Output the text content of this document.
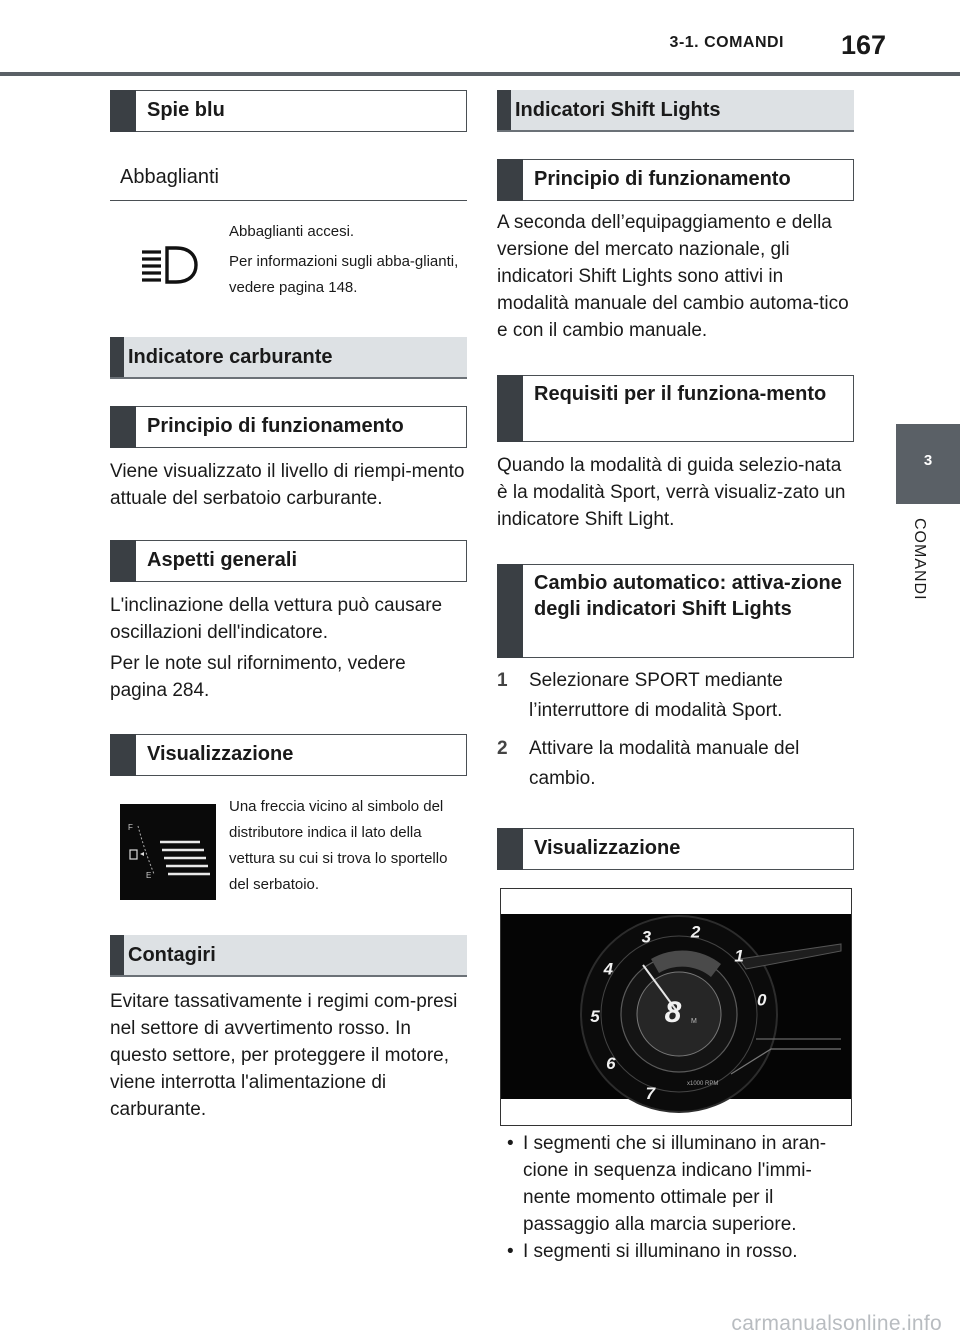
3-1. COMANDI 167
3
COMANDI
Spie blu
Abbaglianti

Abbaglianti accesi.

Per informazioni sugli abba-glianti, vedere pagina 148.

Indicatore carburante
Principio di funzionamento

Viene visualizzato il livello di riempi-mento attuale del serbatoio carburante.

Aspetti generali

L'inclinazione della vettura può causare oscillazioni dell'indicatore.

Per le note sul rifornimento, vedere pagina 284.

Visualizzazione
F
E

Una freccia vicino al simbolo del distributore indica il lato della vettura su cui si trova lo sportello del serbatoio.

Contagiri

Evitare tassativamente i regimi com-presi nel settore di avvertimento rosso. In questo settore, per proteggere il motore, viene interrotta l'alimentazione di carburante.

Indicatori Shift Lights
Principio di funzionamento

A seconda dell’equipaggiamento e della versione del mercato nazionale, gli indicatori Shift Lights sono attivi in modalità manuale del cambio automa-tico e con il cambio manuale.

Requisiti per il funziona-mento

Quando la modalità di guida selezio-nata è la modalità Sport, verrà visualiz-zato un indicatore Shift Light.

Cambio automatico: attiva-zione degli indicatori Shift Lights
1 Selezionare SPORT mediante l’interruttore di modalità Sport.
2 Attivare la modalità manuale del cambio.
Visualizzazione
0
1
2
3
4
5
6
7
8 M
x1000 RPM
• I segmenti che si illuminano in aran-cione in sequenza indicano l'immi-nente momento ottimale per il passaggio alla marcia superiore.
• I segmenti si illuminano in rosso.
carmanualsonline.info
